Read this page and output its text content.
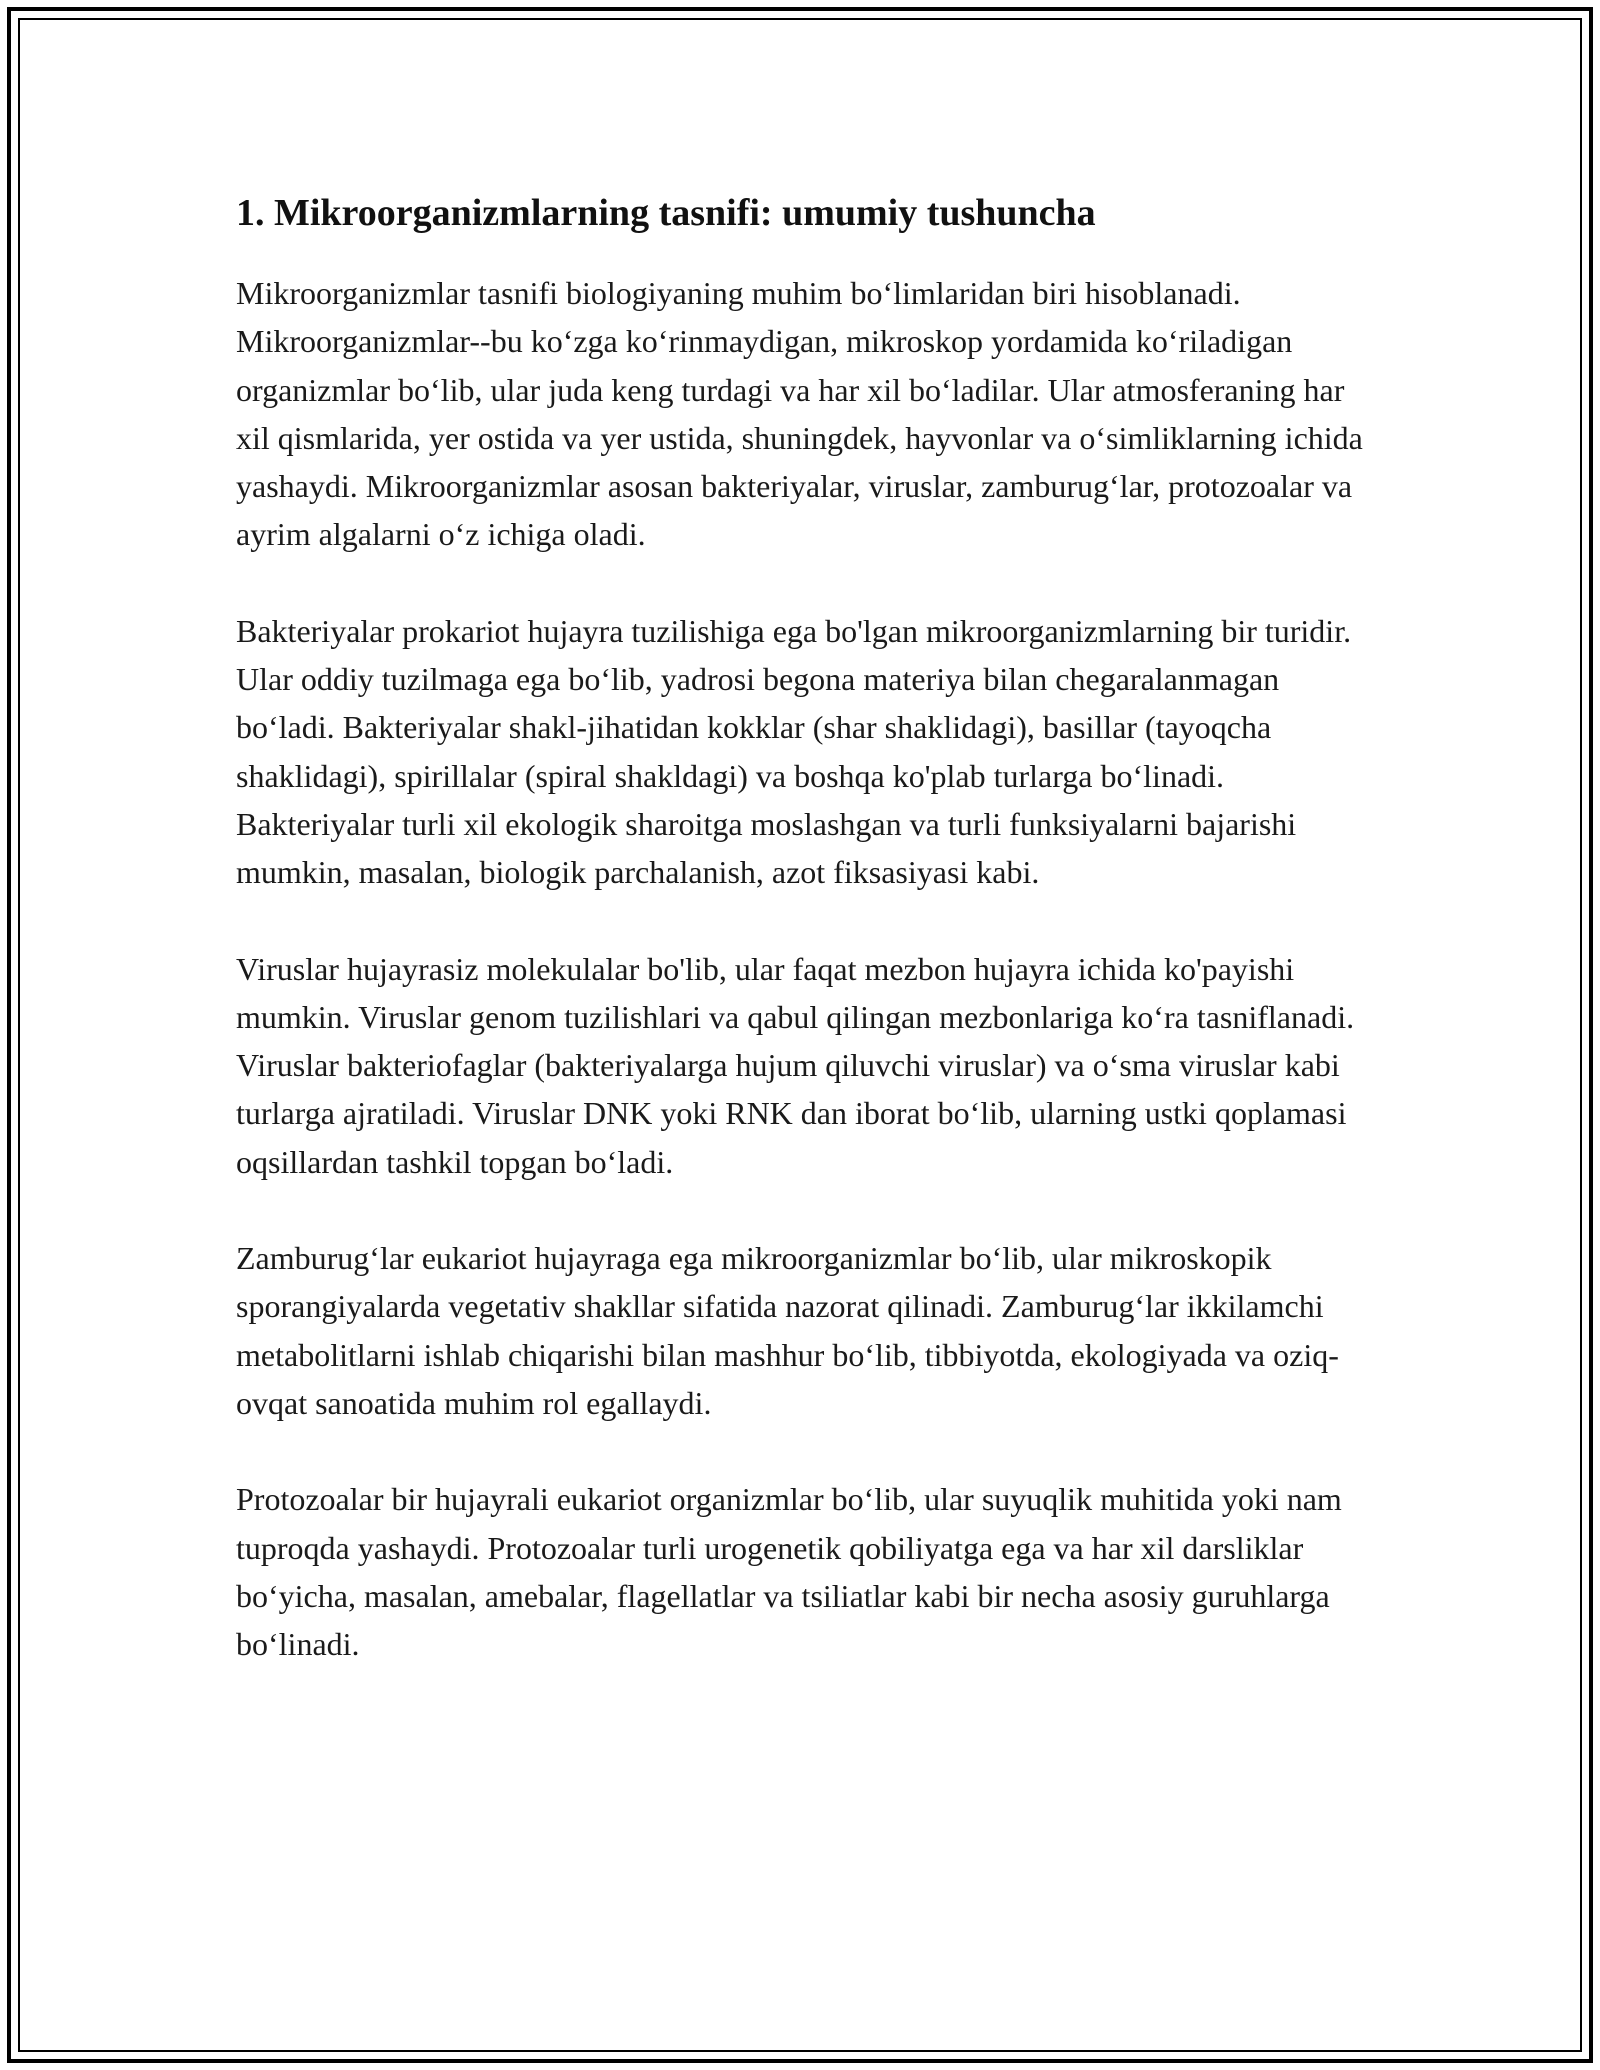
1. Mikroorganizmlarning tasnifi: umumiy tushuncha

Mikroorganizmlar tasnifi biologiyaning muhim bo‘limlaridan biri hisoblanadi. Mikroorganizmlar--bu ko‘zga ko‘rinmaydigan, mikroskop yordamida ko‘riladigan organizmlar bo‘lib, ular juda keng turdagi va har xil bo‘ladilar. Ular atmosferaning har xil qismlarida, yer ostida va yer ustida, shuningdek, hayvonlar va o‘simliklarning ichida yashaydi. Mikroorganizmlar asosan bakteriyalar, viruslar, zamburug‘lar, protozoalar va ayrim algalarni o‘z ichiga oladi.

Bakteriyalar prokariot hujayra tuzilishiga ega bo'lgan mikroorganizmlarning bir turidir. Ular oddiy tuzilmaga ega bo‘lib, yadrosi begona materiya bilan chegaralanmagan bo‘ladi. Bakteriyalar shakl-jihatidan kokklar (shar shaklidagi), basillar (tayoqcha shaklidagi), spirillalar (spiral shakldagi) va boshqa ko'plab turlarga bo‘linadi. Bakteriyalar turli xil ekologik sharoitga moslashgan va turli funksiyalarni bajarishi mumkin, masalan, biologik parchalanish, azot fiksasiyasi kabi.

Viruslar hujayrasiz molekulalar bo'lib, ular faqat mezbon hujayra ichida ko'payishi mumkin. Viruslar genom tuzilishlari va qabul qilingan mezbonlariga ko‘ra tasniflanadi. Viruslar bakteriofaglar (bakteriyalarga hujum qiluvchi viruslar) va o‘sma viruslar kabi turlarga ajratiladi. Viruslar DNK yoki RNK dan iborat bo‘lib, ularning ustki qoplamasi oqsillardan tashkil topgan bo‘ladi.

Zamburug‘lar eukariot hujayraga ega mikroorganizmlar bo‘lib, ular mikroskopik sporangiyalarda vegetativ shakllar sifatida nazorat qilinadi. Zamburug‘lar ikkilamchi metabolitlarni ishlab chiqarishi bilan mashhur bo‘lib, tibbiyotda, ekologiyada va oziq-ovqat sanoatida muhim rol egallaydi.

Protozoalar bir hujayrali eukariot organizmlar bo‘lib, ular suyuqlik muhitida yoki nam tuproqda yashaydi. Protozoalar turli urogenetik qobiliyatga ega va har xil darsliklar bo‘yicha, masalan, amebalar, flagellatlar va tsiliatlar kabi bir necha asosiy guruhlarga bo‘linadi.
